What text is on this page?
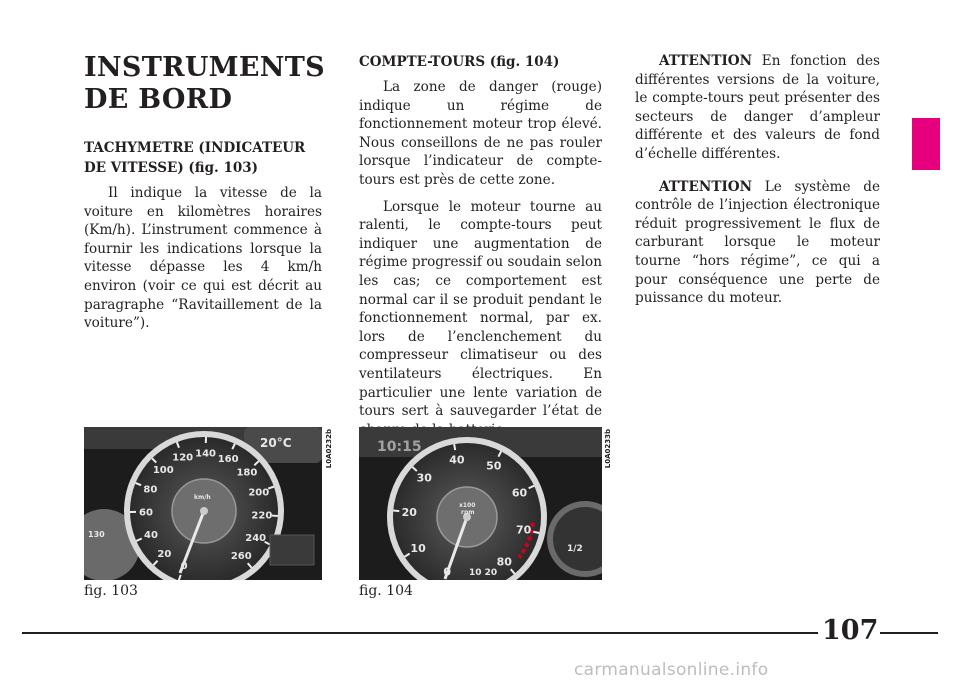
INSTRUMENTS
DE BORD
TACHYMETRE (INDICATEUR
DE VITESSE) (fig. 103)

Il indique la vitesse de la voiture en kilomètres horaires (Km/h). L’instrument commence à fournir les indications lorsque la vitesse dépasse les 4 km/h environ (voir ce qui est décrit au paragraphe “Ravitaillement de la voiture”).

COMPTE-TOURS (fig. 104)

La zone de danger (rouge) indique un régime de fonctionnement moteur trop élevé. Nous conseillons de ne pas rouler lorsque l’indicateur de compte-tours est près de cette zone.

Lorsque le moteur tourne au ralenti, le compte-tours peut indiquer une augmentation de régime progressif ou soudain selon les cas; ce comportement est normal car il se produit pendant le fonctionnement normal, par ex. lors de l’enclenchement du compresseur climatiseur ou des ventilateurs électriques. En particulier une lente variation de tours sert à sauvegarder l’état de

ATTENTION En fonction des différentes versions de la voiture, le compte-tours peut présenter des secteurs de danger d’ampleur différente et des valeurs de fond d’échelle différentes.

ATTENTION Le système de contrôle de l’injection électronique réduit progressivement le flux de carburant lorsque le moteur tourne “hors régime”, ce qui a pour conséquence une perte de puissance du moteur.

km/h
20°C
130
0
20
40
60
80
100
120 140 160
180
200
220
240
260
L0A0232b
fig. 103
x100
rpm
10:15
1/2
10 20
0
10
20
30
40 50
60
70
80
L0A0233b
fig. 104
107
carmanualsonline.info
